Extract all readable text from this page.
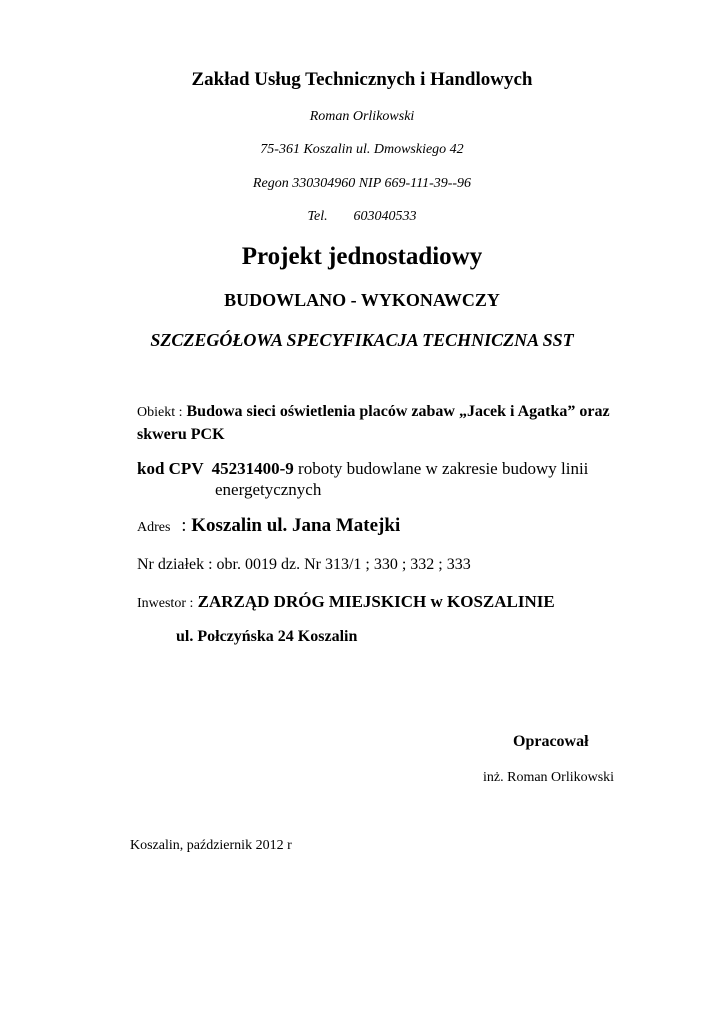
Zakład Usług Technicznych i Handlowych
Roman Orlikowski
75-361 Koszalin ul. Dmowskiego 42
Regon 330304960 NIP 669-111-39--96
Tel. 603040533
Projekt jednostadiowy
BUDOWLANO - WYKONAWCZY
SZCZEGÓŁOWA SPECYFIKACJA TECHNICZNA SST
Obiekt : Budowa sieci oświetlenia placów zabaw „Jacek i Agatka” oraz skweru PCK
kod CPV 45231400-9 roboty budowlane w zakresie budowy linii
energetycznych
Adres : Koszalin ul. Jana Matejki
Nr działek : obr. 0019 dz. Nr 313/1 ; 330 ; 332 ; 333
Inwestor : ZARZĄD DRÓG MIEJSKICH w KOSZALINIE
ul. Połczyńska 24 Koszalin
Opracował
inż. Roman Orlikowski
Koszalin, październik 2012 r
